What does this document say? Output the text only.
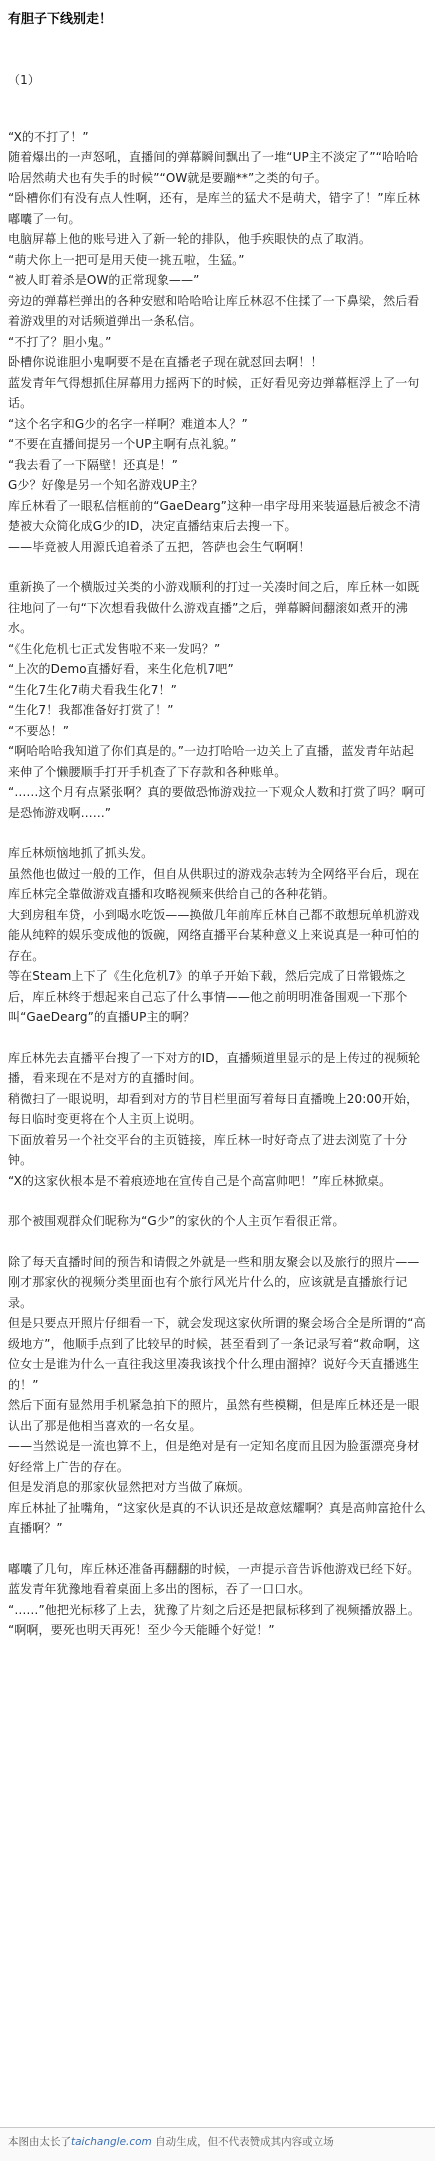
有胆子下线别走！

（1）

“X的不打了！”

随着爆出的一声怒吼，直播间的弹幕瞬间飘出了一堆“UP主不淡定了”“哈哈哈哈居然萌犬也有失手的时候”“OW就是要蹦**”之类的句子。

“卧槽你们有没有点人性啊，还有，是库兰的猛犬不是萌犬，错字了！”库丘林嘟囔了一句。

电脑屏幕上他的账号进入了新一轮的排队，他手疾眼快的点了取消。

“萌犬你上一把可是用天使一挑五啦，生猛。”

“被人盯着杀是OW的正常现象——”

旁边的弹幕栏弹出的各种安慰和哈哈哈让库丘林忍不住揉了一下鼻梁，然后看着游戏里的对话频道弹出一条私信。

“不打了？胆小鬼。”

卧槽你说谁胆小鬼啊要不是在直播老子现在就怼回去啊！！

蓝发青年气得想抓住屏幕用力摇两下的时候，正好看见旁边弹幕框浮上了一句话。

“这个名字和G少的名字一样啊？难道本人？”

“不要在直播间提另一个UP主啊有点礼貌。”

“我去看了一下隔壁！还真是！”

G少？好像是另一个知名游戏UP主？

库丘林看了一眼私信框前的“GaeDearg”这种一串字母用来装逼悬后被念不清楚被大众简化成G少的ID，决定直播结束后去搜一下。

——毕竟被人用源氏追着杀了五把，答萨也会生气啊啊！

重新换了一个横版过关类的小游戏顺利的打过一关凑时间之后，库丘林一如既往地问了一句“下次想看我做什么游戏直播”之后，弹幕瞬间翻滚如煮开的沸水。

“《生化危机七正式发售啦不来一发吗？”

“上次的Demo直播好看，来生化危机7吧”

“生化7生化7萌犬看我生化7！”

“生化7！我都准备好打赏了！”

“不要怂！”

“啊哈哈哈我知道了你们真是的。”一边打哈哈一边关上了直播，蓝发青年站起来伸了个懒腰顺手打开手机查了下存款和各种账单。

“……这个月有点紧张啊？真的要做恐怖游戏拉一下观众人数和打赏了吗？啊可是恐怖游戏啊……”

库丘林烦恼地抓了抓头发。

虽然他也做过一般的工作，但自从供职过的游戏杂志转为全网络平台后，现在库丘林完全靠做游戏直播和攻略视频来供给自己的各种花销。

大到房租车贷，小到喝水吃饭——换做几年前库丘林自己都不敢想玩单机游戏能从纯粹的娱乐变成他的饭碗，网络直播平台某种意义上来说真是一种可怕的存在。

等在Steam上下了《生化危机7》的单子开始下载，然后完成了日常锻炼之后，库丘林终于想起来自己忘了什么事情——他之前明明准备围观一下那个叫“GaeDearg”的直播UP主的啊？

库丘林先去直播平台搜了一下对方的ID，直播频道里显示的是上传过的视频轮播，看来现在不是对方的直播时间。

稍微扫了一眼说明，却看到对方的节目栏里面写着每日直播晚上20:00开始，每日临时变更将在个人主页上说明。

下面放着另一个社交平台的主页链接，库丘林一时好奇点了进去浏览了十分钟。

“X的这家伙根本是不着痕迹地在宣传自己是个高富帅吧！”库丘林掀桌。

那个被围观群众们昵称为“G少”的家伙的个人主页乍看很正常。

除了每天直播时间的预告和请假之外就是一些和朋友聚会以及旅行的照片——刚才那家伙的视频分类里面也有个旅行风光片什么的，应该就是直播旅行记录。

但是只要点开照片仔细看一下，就会发现这家伙所谓的聚会场合全是所谓的“高级地方”，他顺手点到了比较早的时候，甚至看到了一条记录写着“救命啊，这位女士是谁为什么一直往我这里凑我该找个什么理由溜掉？说好今天直播逃生的！”

然后下面有显然用手机紧急拍下的照片，虽然有些模糊，但是库丘林还是一眼认出了那是他相当喜欢的一名女星。

——当然说是一流也算不上，但是绝对是有一定知名度而且因为脸蛋漂亮身材好经常上广告的存在。

但是发消息的那家伙显然把对方当做了麻烦。

库丘林扯了扯嘴角，“这家伙是真的不认识还是故意炫耀啊？真是高帅富抢什么直播啊？”

嘟囔了几句，库丘林还准备再翻翻的时候，一声提示音告诉他游戏已经下好。

蓝发青年犹豫地看着桌面上多出的图标，吞了一口口水。

“……”他把光标移了上去，犹豫了片刻之后还是把鼠标移到了视频播放器上。

“啊啊，要死也明天再死！至少今天能睡个好觉！”

本图由太长了taichangle.com 自动生成，但不代表赞成其内容或立场
